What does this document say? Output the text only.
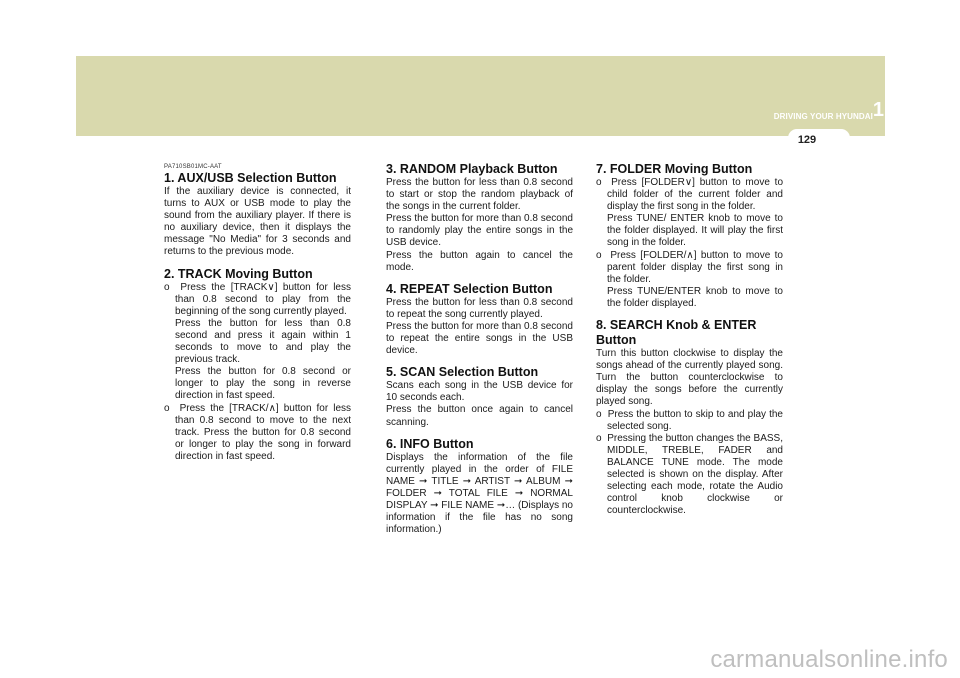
DRIVING YOUR HYUNDAI 1
129
PA710SB01MC-AAT
1. AUX/USB Selection Button

If the auxiliary device is connected, it turns to AUX or USB mode to play the sound from the auxiliary player. If there is no auxiliary device, then it displays the message "No Media" for 3 seconds and returns to the previous mode.

2. TRACK Moving Button
o Press the [TRACK∨] button for less than 0.8 second to play from the beginning of the song currently played.
Press the button for less than 0.8 second and press it again within 1 seconds to move to and play the previous track.
Press the button for 0.8 second or longer to play the song in reverse direction in fast speed.
o Press the [TRACK/∧] button for less than 0.8 second to move to the next track. Press the button for 0.8 second or longer to play the song in forward direction in fast speed.
3. RANDOM Playback Button

Press the button for less than 0.8 second to start or stop the random playback of the songs in the current folder.

Press the button for more than 0.8 second to randomly play the entire songs in the USB device.

Press the button again to cancel the mode.

4. REPEAT Selection Button

Press the button for less than 0.8 second to repeat the song currently played.

Press the button for more than 0.8 second to repeat the entire songs in the USB device.

5. SCAN Selection Button

Scans each song in the USB device for 10 seconds each.

Press the button once again to cancel scanning.

6. INFO Button

Displays the information of the file currently played in the order of FILE NAME ➞ TITLE ➞ ARTIST ➞ ALBUM ➞ FOLDER ➞ TOTAL FILE ➞ NORMAL DISPLAY ➞ FILE NAME ➞… (Displays no information if the file has no song information.)

7. FOLDER Moving Button
o Press [FOLDER∨] button to move to child folder of the current folder and display the first song in the folder.
Press TUNE/ ENTER knob to move to the folder displayed. It will play the first song in the folder.
o Press [FOLDER/∧] button to move to parent folder display the first song in the folder.
Press TUNE/ENTER knob to move to the folder displayed.
8. SEARCH Knob & ENTER Button

Turn this button clockwise to display the songs ahead of the currently played song. Turn the button counterclockwise to display the songs before the currently played song.

o Press the button to skip to and play the selected song.
o Pressing the button changes the BASS, MIDDLE, TREBLE, FADER and BALANCE TUNE mode. The mode selected is shown on the display. After selecting each mode, rotate the Audio control knob clockwise or counterclockwise.
carmanualsonline.info
